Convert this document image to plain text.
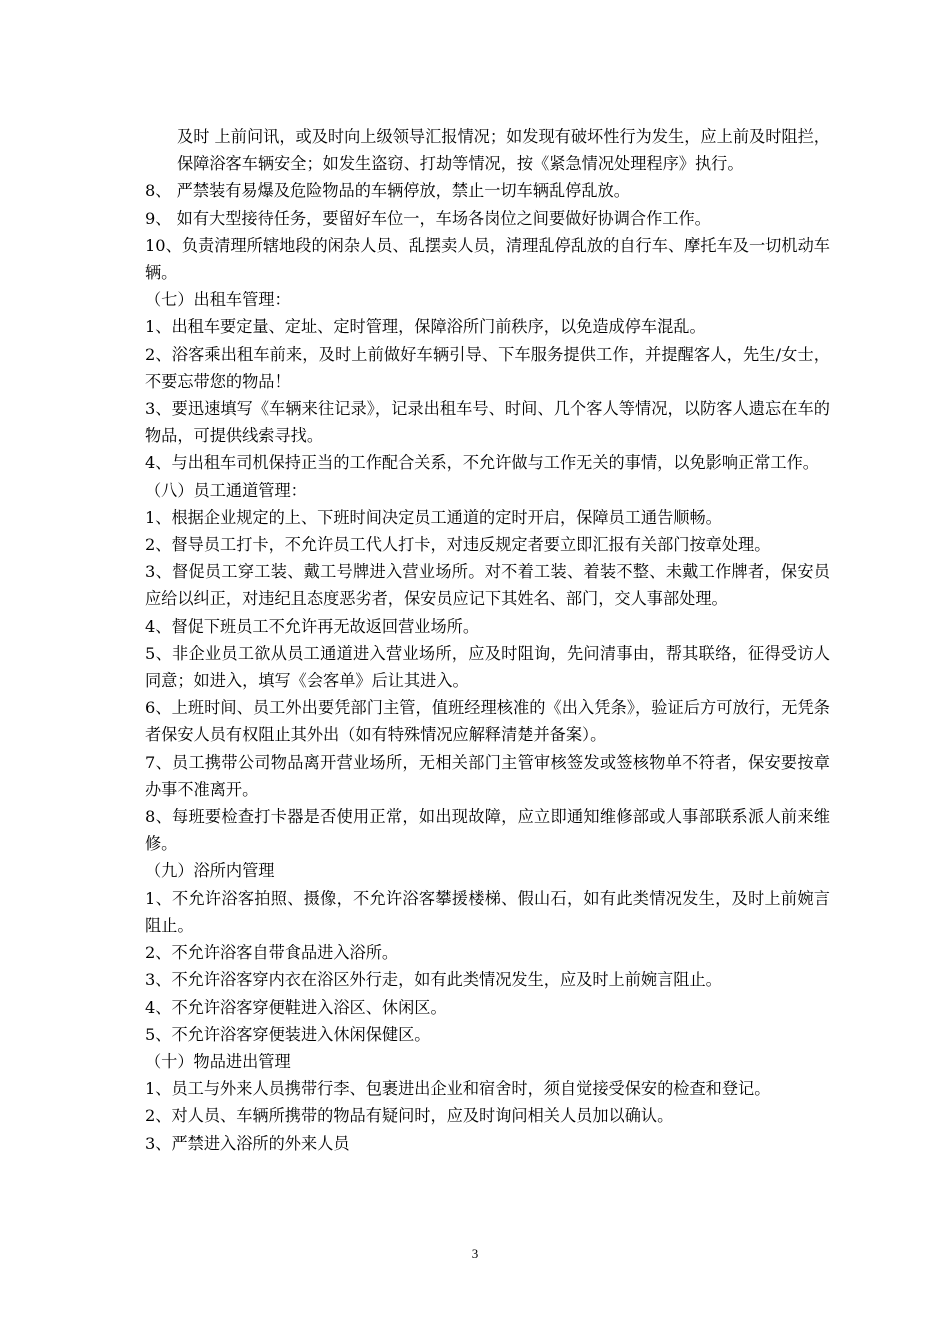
及时 上前问讯，或及时向上级领导汇报情况；如发现有破坏性行为发生，应上前及时阻拦，保障浴客车辆安全；如发生盗窃、打劫等情况，按《紧急情况处理程序》执行。

8、 严禁装有易爆及危险物品的车辆停放，禁止一切车辆乱停乱放。

9、 如有大型接待任务，要留好车位一，车场各岗位之间要做好协调合作工作。

10、负责清理所辖地段的闲杂人员、乱摆卖人员，清理乱停乱放的自行车、摩托车及一切机动车辆。

（七）出租车管理：

1、出租车要定量、定址、定时管理，保障浴所门前秩序，以免造成停车混乱。

2、浴客乘出租车前来，及时上前做好车辆引导、下车服务提供工作，并提醒客人，先生/女士，不要忘带您的物品！

3、要迅速填写《车辆来往记录》，记录出租车号、时间、几个客人等情况，以防客人遗忘在车的物品，可提供线索寻找。

4、与出租车司机保持正当的工作配合关系，不允许做与工作无关的事情，以免影响正常工作。

（八）员工通道管理：

1、根据企业规定的上、下班时间决定员工通道的定时开启，保障员工通告顺畅。

2、督导员工打卡，不允许员工代人打卡，对违反规定者要立即汇报有关部门按章处理。

3、督促员工穿工装、戴工号牌进入营业场所。对不着工装、着装不整、未戴工作牌者，保安员应给以纠正，对违纪且态度恶劣者，保安员应记下其姓名、部门，交人事部处理。

4、督促下班员工不允许再无故返回营业场所。

5、非企业员工欲从员工通道进入营业场所，应及时阻询，先问清事由，帮其联络，征得受访人同意；如进入，填写《会客单》后让其进入。

6、上班时间、员工外出要凭部门主管，值班经理核准的《出入凭条》，验证后方可放行，无凭条者保安人员有权阻止其外出（如有特殊情况应解释清楚并备案）。

7、员工携带公司物品离开营业场所，无相关部门主管审核签发或签核物单不符者，保安要按章办事不准离开。

8、每班要检查打卡器是否使用正常，如出现故障，应立即通知维修部或人事部联系派人前来维修。

（九）浴所内管理

1、不允许浴客拍照、摄像，不允许浴客攀援楼梯、假山石，如有此类情况发生，及时上前婉言阻止。

2、不允许浴客自带食品进入浴所。

3、不允许浴客穿内衣在浴区外行走，如有此类情况发生，应及时上前婉言阻止。

4、不允许浴客穿便鞋进入浴区、休闲区。

5、不允许浴客穿便装进入休闲保健区。

（十）物品进出管理

1、员工与外来人员携带行李、包裹进出企业和宿舍时，须自觉接受保安的检查和登记。

2、对人员、车辆所携带的物品有疑问时，应及时询问相关人员加以确认。

3、严禁进入浴所的外来人员

3
